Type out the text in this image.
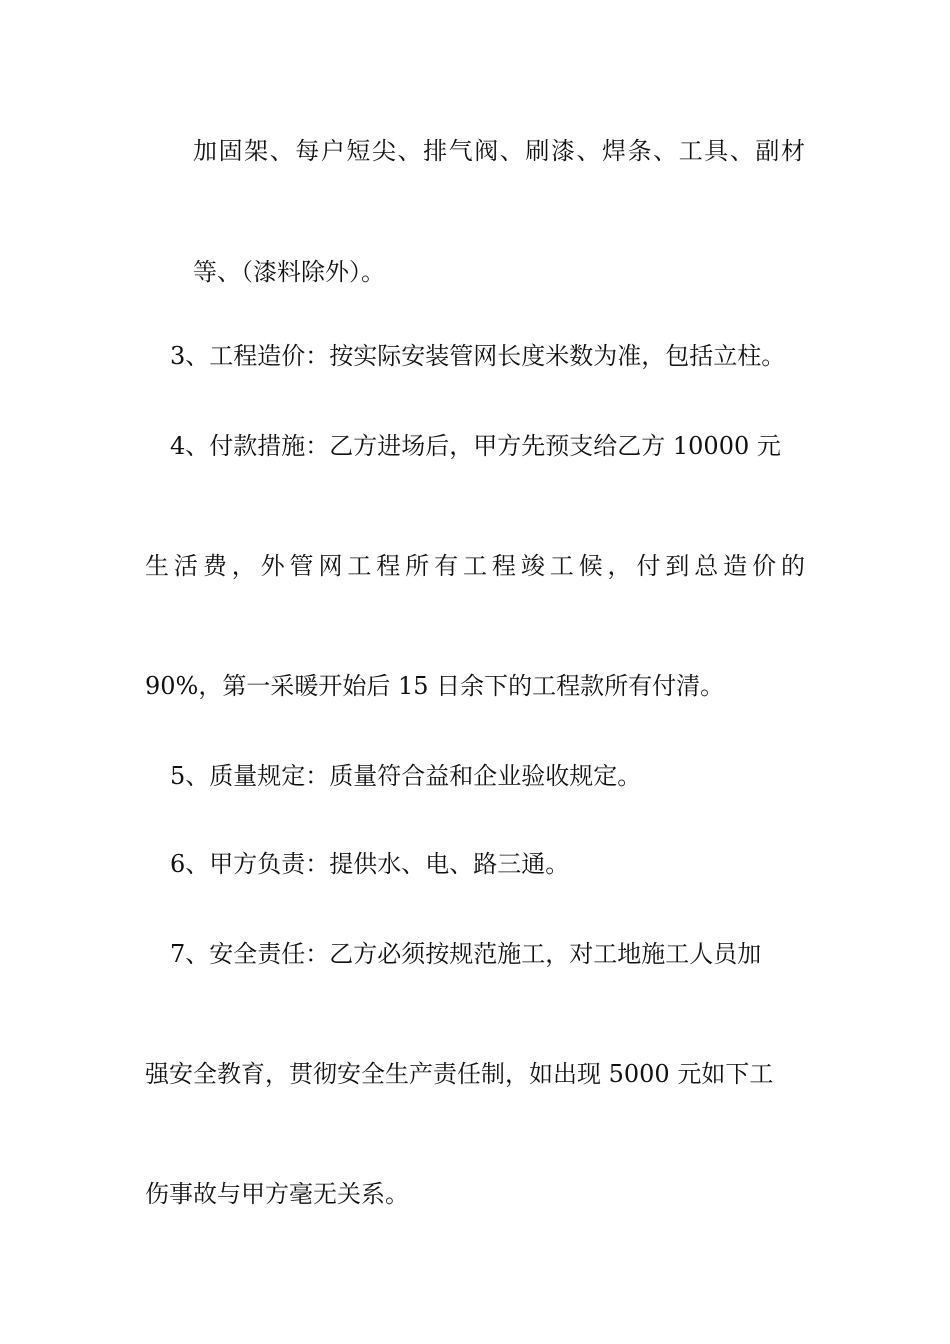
加固架、每户短尖、排气阀、刷漆、焊条、工具、副材

等、（漆料除外）。

3、工程造价：按实际安装管网长度米数为准，包括立柱。

4、付款措施：乙方进场后，甲方先预支给乙方 10000 元

生活费，外管网工程所有工程竣工候，付到总造价的

90%，第一采暖开始后 15 日余下的工程款所有付清。

5、质量规定：质量符合益和企业验收规定。

6、甲方负责：提供水、电、路三通。

7、安全责任：乙方必须按规范施工，对工地施工人员加

强安全教育，贯彻安全生产责任制，如出现 5000 元如下工

伤事故与甲方毫无关系。
